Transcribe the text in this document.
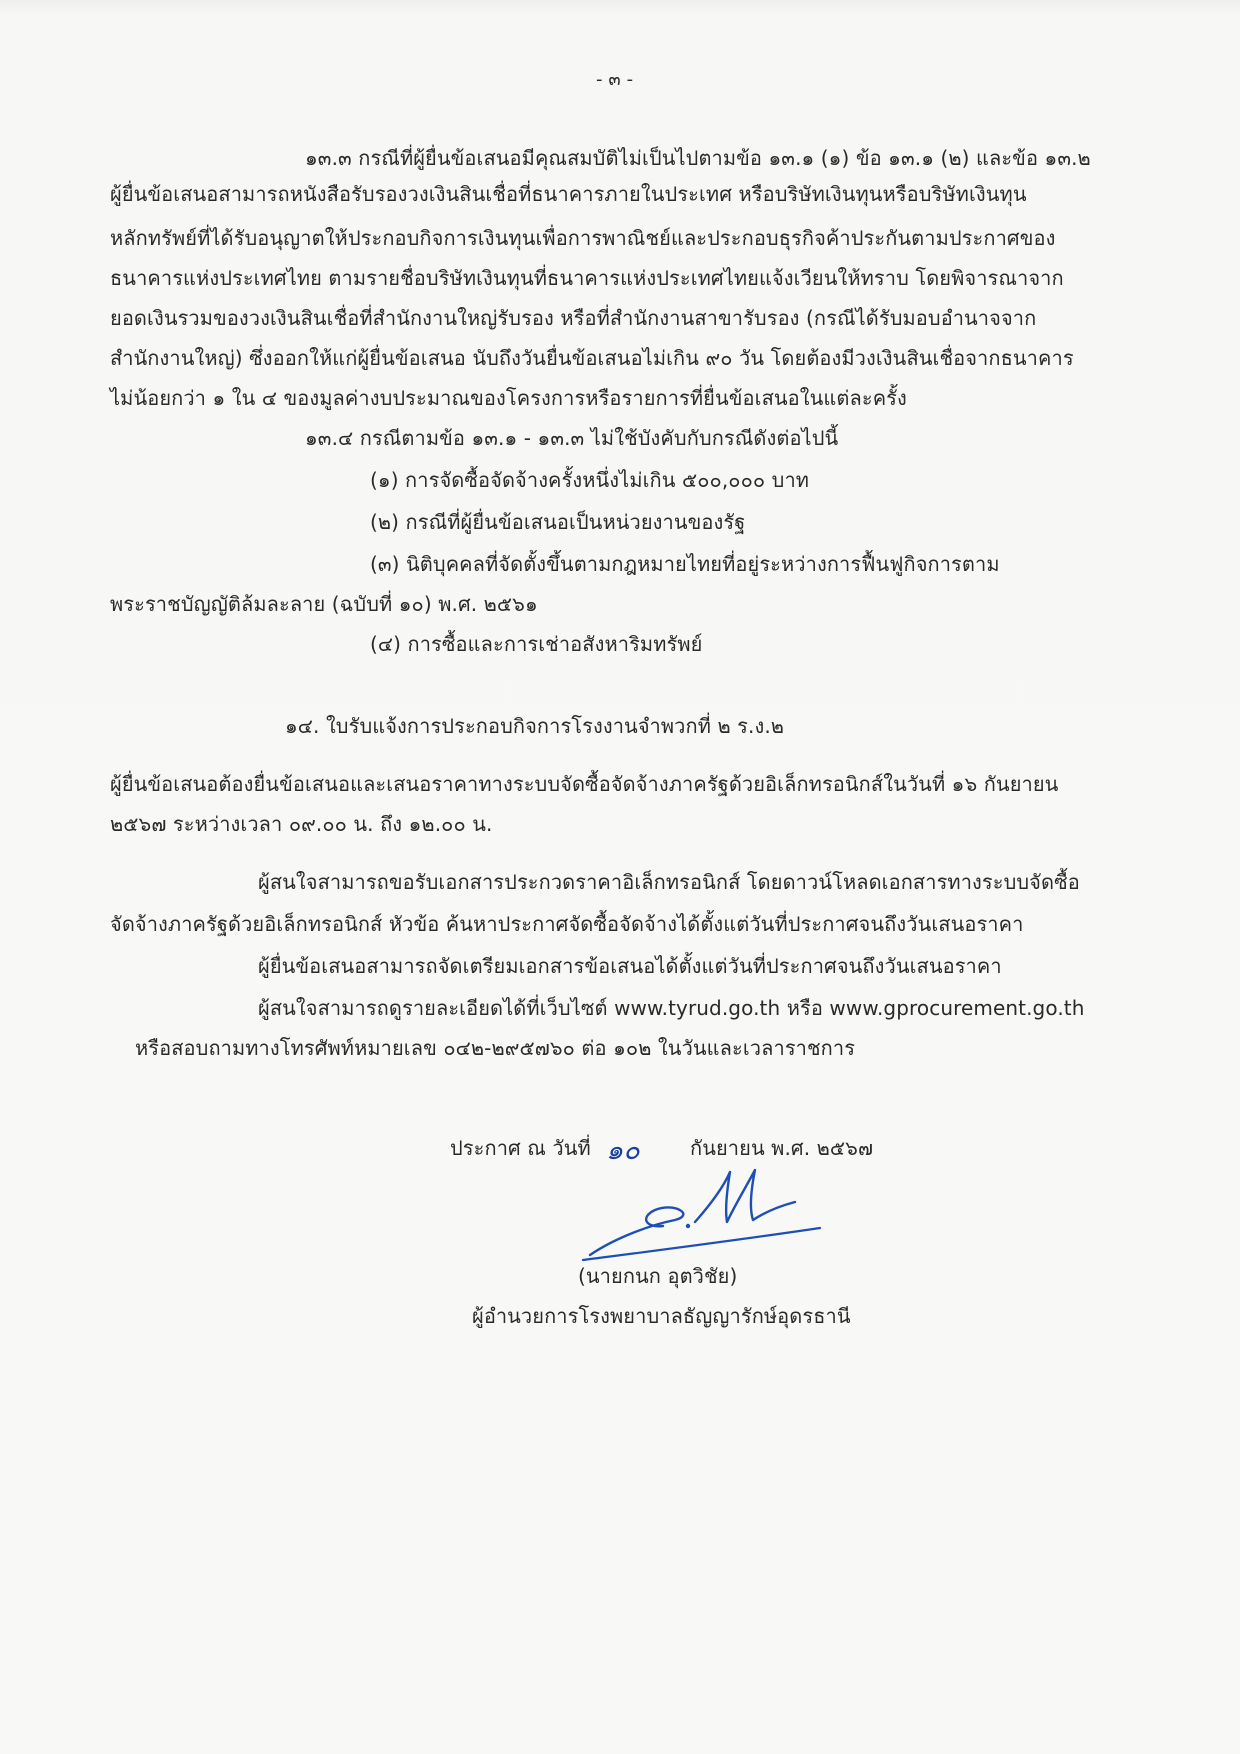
- ๓ -
๑๓.๓ กรณีที่ผู้ยื่นข้อเสนอมีคุณสมบัติไม่เป็นไปตามข้อ ๑๓.๑ (๑) ข้อ ๑๓.๑ (๒) และข้อ ๑๓.๒
ผู้ยื่นข้อเสนอสามารถหนังสือรับรองวงเงินสินเชื่อที่ธนาคารภายในประเทศ หรือบริษัทเงินทุนหรือบริษัทเงินทุน
หลักทรัพย์ที่ได้รับอนุญาตให้ประกอบกิจการเงินทุนเพื่อการพาณิชย์และประกอบธุรกิจค้าประกันตามประกาศของ
ธนาคารแห่งประเทศไทย ตามรายชื่อบริษัทเงินทุนที่ธนาคารแห่งประเทศไทยแจ้งเวียนให้ทราบ โดยพิจารณาจาก
ยอดเงินรวมของวงเงินสินเชื่อที่สำนักงานใหญ่รับรอง หรือที่สำนักงานสาขารับรอง (กรณีได้รับมอบอำนาจจาก
สำนักงานใหญ่) ซึ่งออกให้แก่ผู้ยื่นข้อเสนอ นับถึงวันยื่นข้อเสนอไม่เกิน ๙๐ วัน โดยต้องมีวงเงินสินเชื่อจากธนาคาร
ไม่น้อยกว่า ๑ ใน ๔ ของมูลค่างบประมาณของโครงการหรือรายการที่ยื่นข้อเสนอในแต่ละครั้ง
๑๓.๔ กรณีตามข้อ ๑๓.๑ - ๑๓.๓ ไม่ใช้บังคับกับกรณีดังต่อไปนี้
(๑) การจัดซื้อจัดจ้างครั้งหนึ่งไม่เกิน ๕๐๐,๐๐๐ บาท
(๒) กรณีที่ผู้ยื่นข้อเสนอเป็นหน่วยงานของรัฐ
(๓) นิติบุคคลที่จัดตั้งขึ้นตามกฎหมายไทยที่อยู่ระหว่างการฟื้นฟูกิจการตาม
พระราชบัญญัติล้มละลาย (ฉบับที่ ๑๐) พ.ศ. ๒๕๖๑
(๔) การซื้อและการเช่าอสังหาริมทรัพย์
๑๔. ใบรับแจ้งการประกอบกิจการโรงงานจำพวกที่ ๒ ร.ง.๒
ผู้ยื่นข้อเสนอต้องยื่นข้อเสนอและเสนอราคาทางระบบจัดซื้อจัดจ้างภาครัฐด้วยอิเล็กทรอนิกส์ในวันที่ ๑๖ กันยายน
๒๕๖๗ ระหว่างเวลา ๐๙.๐๐ น. ถึง ๑๒.๐๐ น.
ผู้สนใจสามารถขอรับเอกสารประกวดราคาอิเล็กทรอนิกส์ โดยดาวน์โหลดเอกสารทางระบบจัดซื้อ
จัดจ้างภาครัฐด้วยอิเล็กทรอนิกส์ หัวข้อ ค้นหาประกาศจัดซื้อจัดจ้างได้ตั้งแต่วันที่ประกาศจนถึงวันเสนอราคา
ผู้ยื่นข้อเสนอสามารถจัดเตรียมเอกสารข้อเสนอได้ตั้งแต่วันที่ประกาศจนถึงวันเสนอราคา
ผู้สนใจสามารถดูรายละเอียดได้ที่เว็บไซต์ www.tyrud.go.th หรือ www.gprocurement.go.th
หรือสอบถามทางโทรศัพท์หมายเลข ๐๔๒-๒๙๕๗๖๐ ต่อ ๑๐๒ ในวันและเวลาราชการ
ประกาศ ณ วันที่ ๑๐	กันยายน พ.ศ. ๒๕๖๗
(นายกนก อุตวิชัย)
ผู้อำนวยการโรงพยาบาลธัญญารักษ์อุดรธานี
